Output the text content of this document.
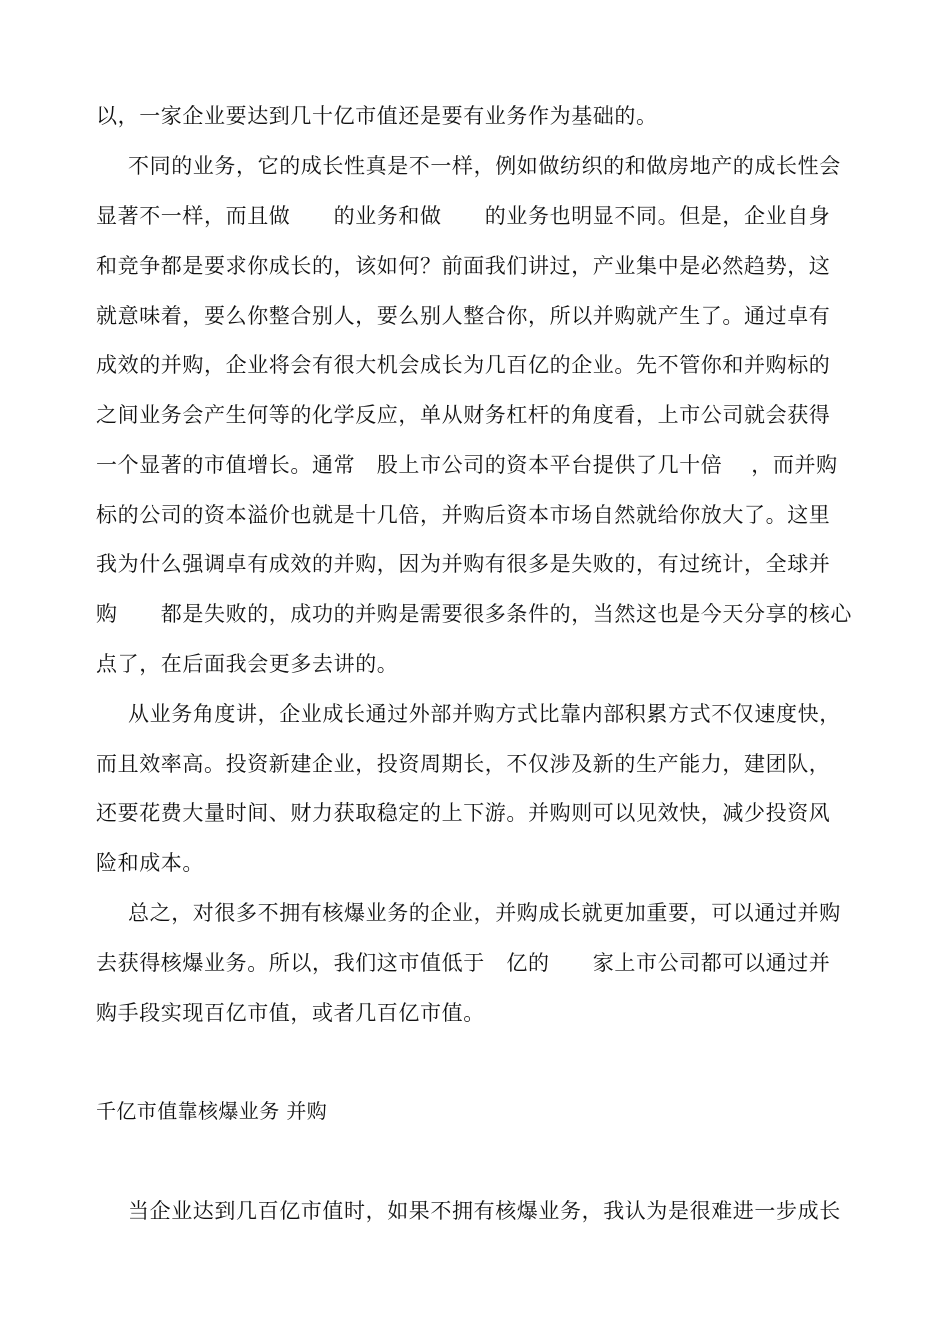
以，一家企业要达到几十亿市值还是要有业务作为基础的。
不同的业务，它的成长性真是不一样，例如做纺织的和做房地产的成长性会
显著不一样，而且做　　的业务和做　　的业务也明显不同。但是，企业自身
和竞争都是要求你成长的，该如何？前面我们讲过，产业集中是必然趋势，这
就意味着，要么你整合别人，要么别人整合你，所以并购就产生了。通过卓有
成效的并购，企业将会有很大机会成长为几百亿的企业。先不管你和并购标的
之间业务会产生何等的化学反应，单从财务杠杆的角度看，上市公司就会获得
一个显著的市值增长。通常　股上市公司的资本平台提供了几十倍　 ，而并购
标的公司的资本溢价也就是十几倍，并购后资本市场自然就给你放大了。这里
我为什么强调卓有成效的并购，因为并购有很多是失败的，有过统计，全球并
购　　都是失败的，成功的并购是需要很多条件的，当然这也是今天分享的核心
点了，在后面我会更多去讲的。
从业务角度讲，企业成长通过外部并购方式比靠内部积累方式不仅速度快，
而且效率高。投资新建企业，投资周期长，不仅涉及新的生产能力，建团队，
还要花费大量时间、财力获取稳定的上下游。并购则可以见效快，减少投资风
险和成本。
总之，对很多不拥有核爆业务的企业，并购成长就更加重要，可以通过并购
去获得核爆业务。所以，我们这市值低于　亿的　　家上市公司都可以通过并
购手段实现百亿市值，或者几百亿市值。
千亿市值靠核爆业务 并购
当企业达到几百亿市值时，如果不拥有核爆业务，我认为是很难进一步成长
